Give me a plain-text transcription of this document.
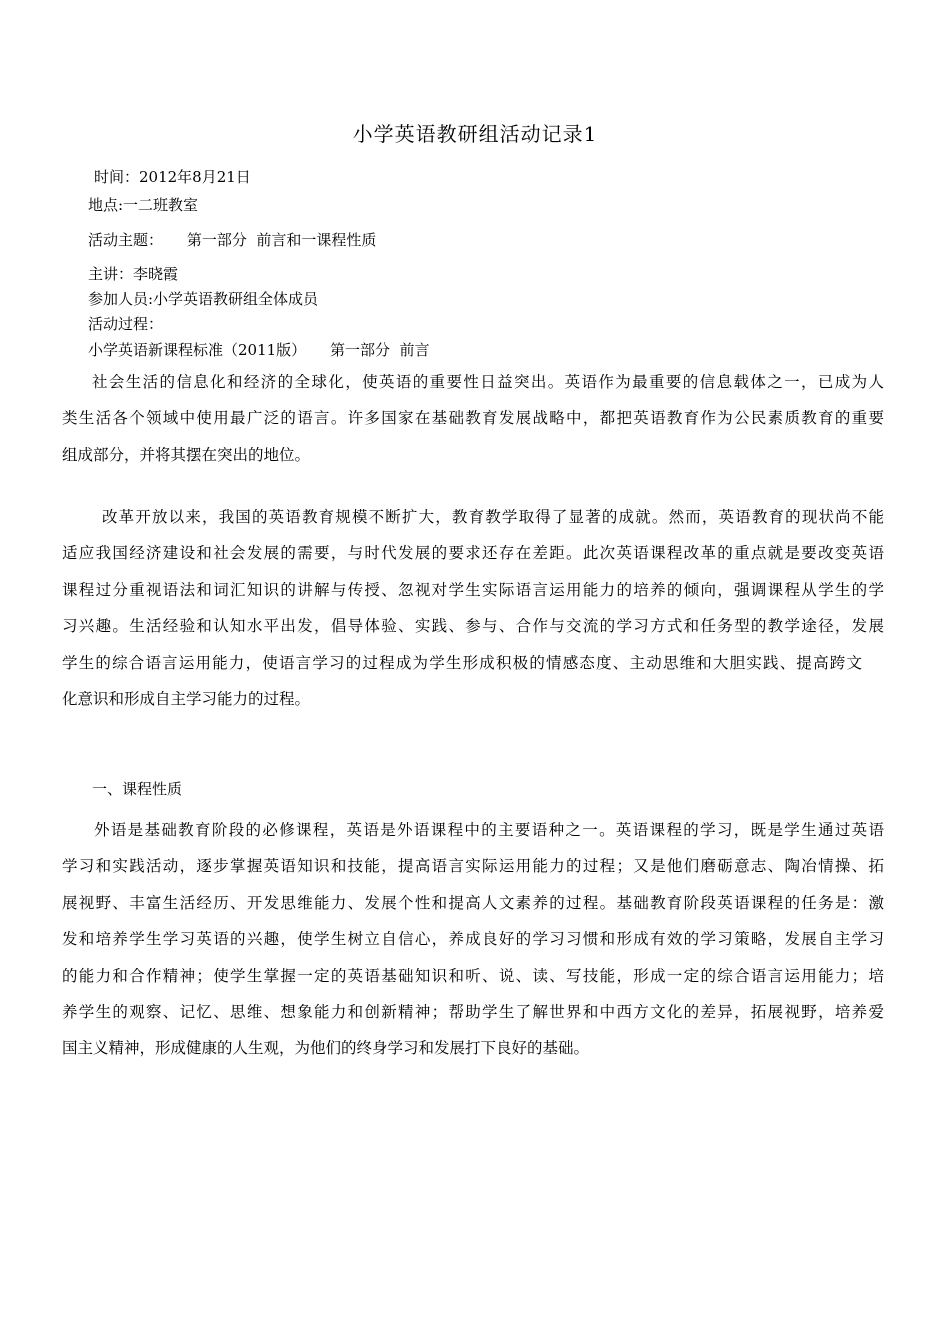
小学英语教研组活动记录1
时间：2012年8月21日
地点:一二班教室
活动主题：     第一部分  前言和一课程性质
主讲：李晓霞
参加人员:小学英语教研组全体成员
活动过程：
小学英语新课程标准（2011版）     第一部分  前言
社会生活的信息化和经济的全球化，使英语的重要性日益突出。英语作为最重要的信息载体之一，已成为人
类生活各个领域中使用最广泛的语言。许多国家在基础教育发展战略中，都把英语教育作为公民素质教育的重要
组成部分，并将其摆在突出的地位。
改革开放以来，我国的英语教育规模不断扩大，教育教学取得了显著的成就。然而，英语教育的现状尚不能
适应我国经济建设和社会发展的需要，与时代发展的要求还存在差距。此次英语课程改革的重点就是要改变英语
课程过分重视语法和词汇知识的讲解与传授、忽视对学生实际语言运用能力的培养的倾向，强调课程从学生的学
习兴趣。生活经验和认知水平出发，倡导体验、实践、参与、合作与交流的学习方式和任务型的教学途径，发展
学生的综合语言运用能力，使语言学习的过程成为学生形成积极的情感态度、主动思维和大胆实践、提高跨文
化意识和形成自主学习能力的过程。
一、课程性质
外语是基础教育阶段的必修课程，英语是外语课程中的主要语种之一。英语课程的学习，既是学生通过英语
学习和实践活动，逐步掌握英语知识和技能，提高语言实际运用能力的过程；又是他们磨砺意志、陶冶情操、拓
展视野、丰富生活经历、开发思维能力、发展个性和提高人文素养的过程。基础教育阶段英语课程的任务是：激
发和培养学生学习英语的兴趣，使学生树立自信心，养成良好的学习习惯和形成有效的学习策略，发展自主学习
的能力和合作精神；使学生掌握一定的英语基础知识和听、说、读、写技能，形成一定的综合语言运用能力；培
养学生的观察、记忆、思维、想象能力和创新精神；帮助学生了解世界和中西方文化的差异，拓展视野，培养爱
国主义精神，形成健康的人生观，为他们的终身学习和发展打下良好的基础。
